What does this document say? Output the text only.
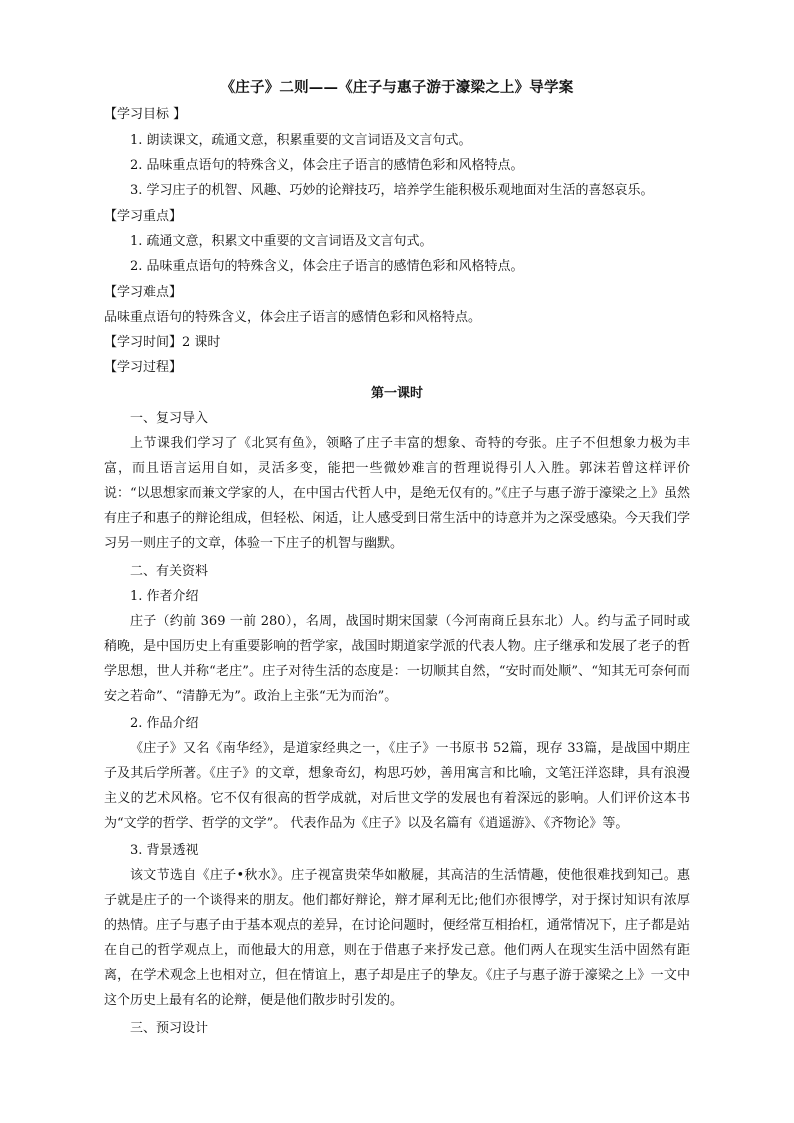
《庄子》二则——《庄子与惠子游于濠梁之上》导学案
【学习目标 】
1. 朗读课文，疏通文意，积累重要的文言词语及文言句式。
2. 品味重点语句的特殊含义，体会庄子语言的感情色彩和风格特点。
3. 学习庄子的机智、风趣、巧妙的论辩技巧，培养学生能积极乐观地面对生活的喜怒哀乐。
【学习重点】
1. 疏通文意，积累文中重要的文言词语及文言句式。
2. 品味重点语句的特殊含义，体会庄子语言的感情色彩和风格特点。
【学习难点】
品味重点语句的特殊含义，体会庄子语言的感情色彩和风格特点。
【学习时间】2 课时
【学习过程】
第一课时
一、复习导入
上节课我们学习了《北冥有鱼》，领略了庄子丰富的想象、奇特的夸张。庄子不但想象力极为丰富，而且语言运用自如，灵活多变，能把一些微妙难言的哲理说得引人入胜。郭沫若曾这样评价说：“以思想家而兼文学家的人，在中国古代哲人中，是绝无仅有的。”《庄子与惠子游于濠梁之上》虽然有庄子和惠子的辩论组成，但轻松、闲适，让人感受到日常生活中的诗意并为之深受感染。今天我们学习另一则庄子的文章，体验一下庄子的机智与幽默。
二、有关资料
1. 作者介绍
庄子（约前 369 一前 280），名周，战国时期宋国蒙（今河南商丘县东北）人。约与孟子同时或稍晚，是中国历史上有重要影响的哲学家，战国时期道家学派的代表人物。庄子继承和发展了老子的哲学思想，世人并称“老庄”。庄子对待生活的态度是：一切顺其自然，“安时而处顺”、“知其无可奈何而安之若命”、“清静无为”。政治上主张“无为而治”。
2. 作品介绍
《庄子》又名《南华经》，是道家经典之一，《庄子》一书原书 52篇，现存 33篇，是战国中期庄子及其后学所著。《庄子》的文章，想象奇幻，构思巧妙，善用寓言和比喻，文笔汪洋恣肆，具有浪漫主义的艺术风格。它不仅有很高的哲学成就，对后世文学的发展也有着深远的影响。人们评价这本书为“文学的哲学、哲学的文学”。 代表作品为《庄子》以及名篇有《逍遥游》、《齐物论》等。
3. 背景透视
该文节选自《庄子•秋水》。庄子视富贵荣华如敝屣，其高洁的生活情趣，使他很难找到知己。惠子就是庄子的一个谈得来的朋友。他们都好辩论，辩才犀利无比;他们亦很博学，对于探讨知识有浓厚的热情。庄子与惠子由于基本观点的差异，在讨论问题时，便经常互相抬杠，通常情况下，庄子都是站在自己的哲学观点上，而他最大的用意，则在于借惠子来抒发己意。他们两人在现实生活中固然有距离，在学术观念上也相对立，但在情谊上，惠子却是庄子的挚友。《庄子与惠子游于濠梁之上》一文中这个历史上最有名的论辩，便是他们散步时引发的。
三、预习设计
